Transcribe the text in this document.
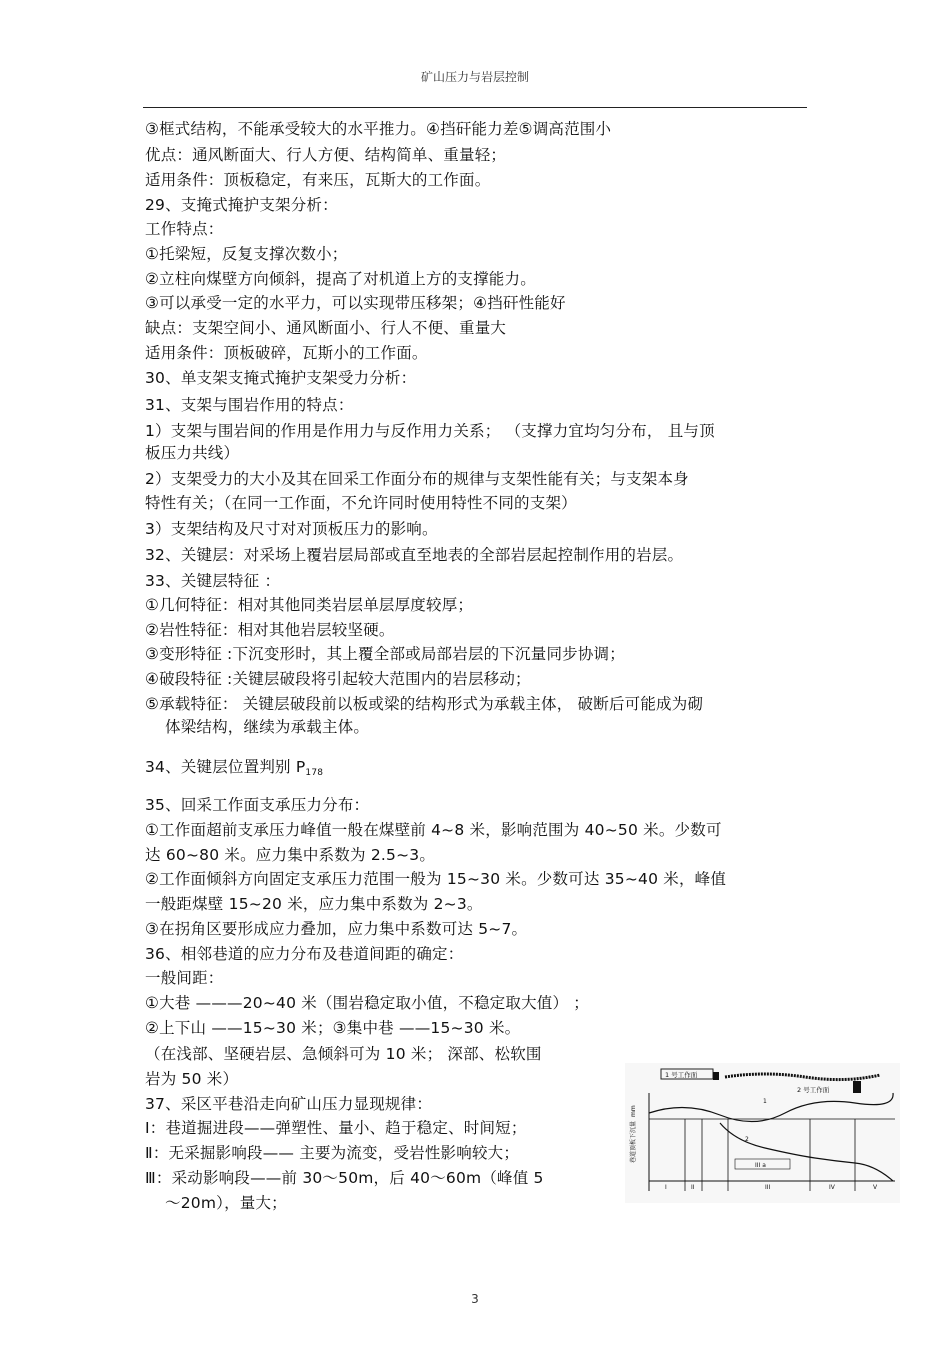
矿山压力与岩层控制
③框式结构，不能承受较大的水平推力。④挡矸能力差⑤调高范围小
优点：通风断面大、行人方便、结构简单、重量轻；
适用条件：顶板稳定，有来压，瓦斯大的工作面。
29、支掩式掩护支架分析：
工作特点：
①托梁短，反复支撑次数小；
②立柱向煤壁方向倾斜，提高了对机道上方的支撑能力。
③可以承受一定的水平力，可以实现带压移架；④挡矸性能好
缺点：支架空间小、通风断面小、行人不便、重量大
适用条件：顶板破碎，瓦斯小的工作面。
30、单支架支掩式掩护支架受力分析：
31、支架与围岩作用的特点：
1）支架与围岩间的作用是作用力与反作用力关系； （支撑力宜均匀分布， 且与顶
板压力共线）
2）支架受力的大小及其在回采工作面分布的规律与支架性能有关；与支架本身
特性有关；（在同一工作面，不允许同时使用特性不同的支架）
3）支架结构及尺寸对对顶板压力的影响。
32、关键层：对采场上覆岩层局部或直至地表的全部岩层起控制作用的岩层。
33、关键层特征 ：
①几何特征：相对其他同类岩层单层厚度较厚；
②岩性特征：相对其他岩层较坚硬。
③变形特征 :下沉变形时，其上覆全部或局部岩层的下沉量同步协调；
④破段特征 :关键层破段将引起较大范围内的岩层移动；
⑤承载特征： 关键层破段前以板或梁的结构形式为承载主体， 破断后可能成为砌
体梁结构，继续为承载主体。
34、关键层位置判别 $P_{178}$
35、回采工作面支承压力分布：
①工作面超前支承压力峰值一般在煤壁前 4~8 米，影响范围为 40~50 米。少数可
达 60~80 米。应力集中系数为 2.5~3。
②工作面倾斜方向固定支承压力范围一般为 15~30 米。少数可达 35~40 米，峰值
一般距煤壁 15~20 米，应力集中系数为 2~3。
③在拐角区要形成应力叠加，应力集中系数可达 5~7。
36、相邻巷道的应力分布及巷道间距的确定：
一般间距：
①大巷 ———20~40 米（围岩稳定取小值，不稳定取大值） ；
②上下山 ——15~30 米；③集中巷 ——15~30 米。
（在浅部、坚硬岩层、急倾斜可为 10 米； 深部、松软围
岩为 50 米）
37、采区平巷沿走向矿山压力显现规律：
Ⅰ：巷道掘进段——弹塑性、量小、趋于稳定、时间短；
Ⅱ：无采掘影响段—— 主要为流变，受岩性影响较大；
Ⅲ：采动影响段——前 30～50m，后 40～60m（峰值 5
～20m），量大；
1 号工作面
2 号工作面
巷道顶板下沉量
mm
1
2
III a
I	II	III	IV	V
3
